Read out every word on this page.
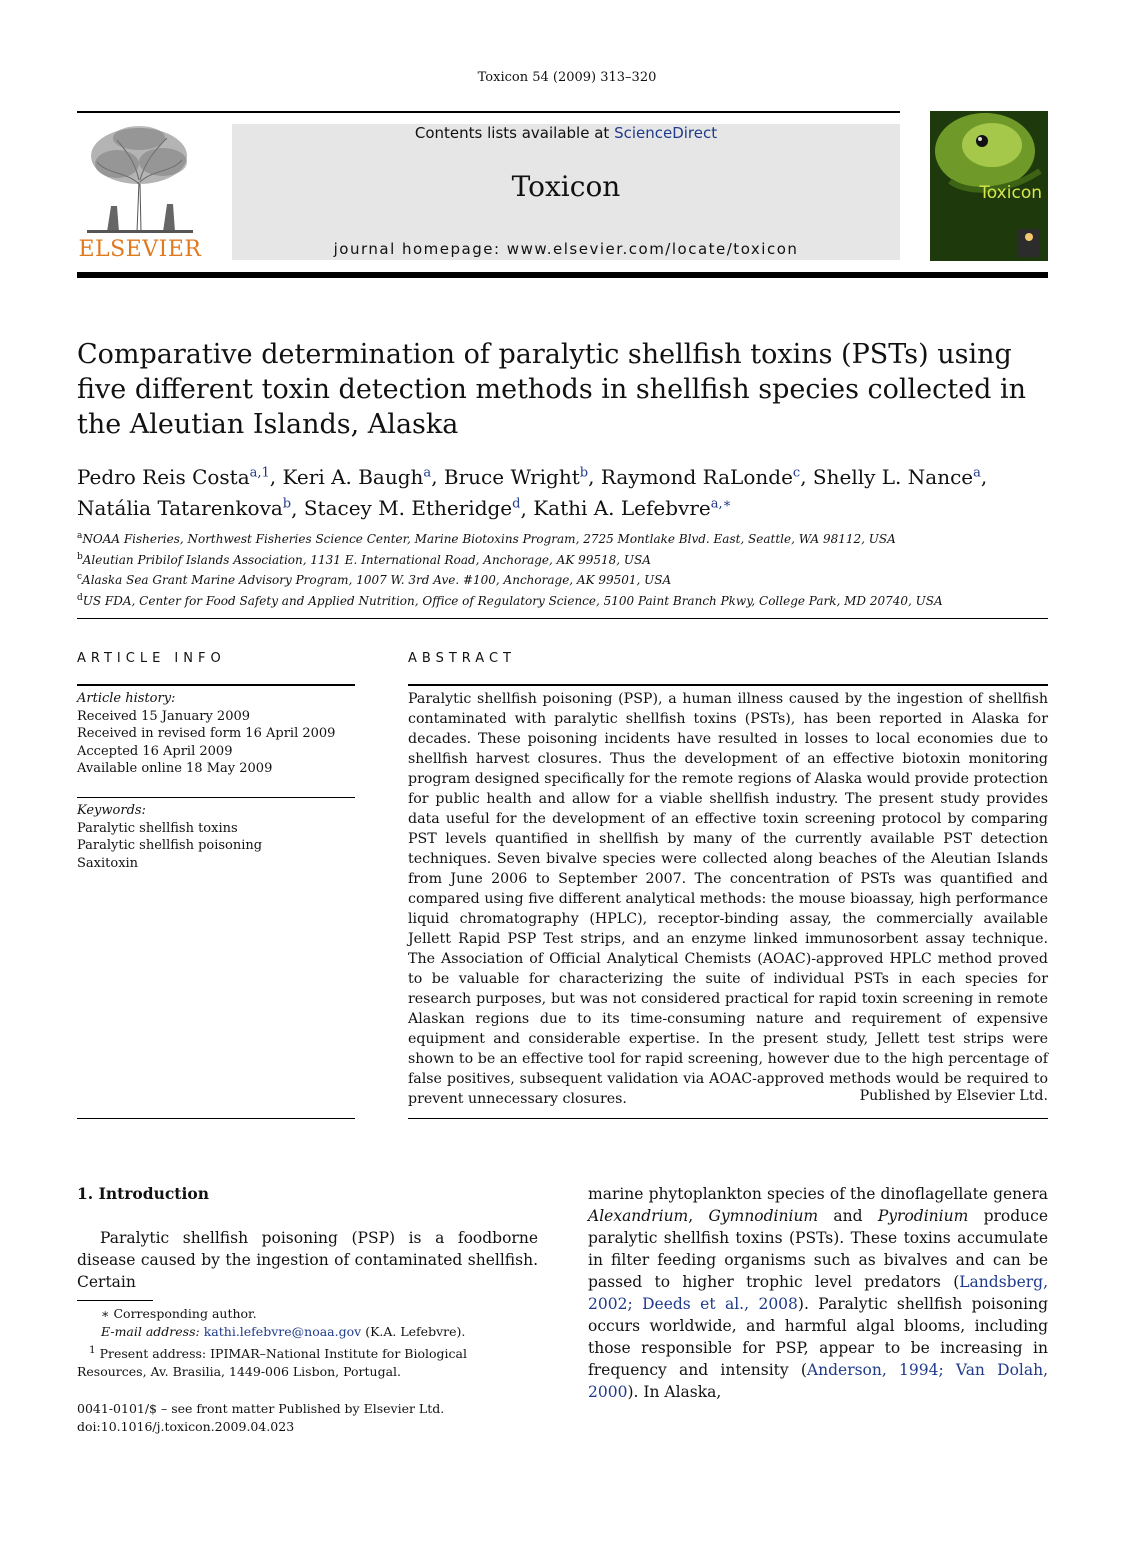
Toxicon 54 (2009) 313–320
ELSEVIER
Contents lists available at ScienceDirect
Toxicon
journal homepage: www.elsevier.com/locate/toxicon
Toxicon
Comparative determination of paralytic shellfish toxins (PSTs) using five different toxin detection methods in shellfish species collected in the Aleutian Islands, Alaska
Pedro Reis Costa$^{a,1}$, Keri A. Baugh$^a$, Bruce Wright$^b$, Raymond RaLonde$^c$, Shelly L. Nance$^a$,
Natália Tatarenkova$^b$, Stacey M. Etheridge$^d$, Kathi A. Lefebvre$^{a,∗}$
$^a$NOAA Fisheries, Northwest Fisheries Science Center, Marine Biotoxins Program, 2725 Montlake Blvd. East, Seattle, WA 98112, USA
$^b$Aleutian Pribilof Islands Association, 1131 E. International Road, Anchorage, AK 99518, USA
$^c$Alaska Sea Grant Marine Advisory Program, 1007 W. 3rd Ave. #100, Anchorage, AK 99501, USA
$^d$US FDA, Center for Food Safety and Applied Nutrition, Office of Regulatory Science, 5100 Paint Branch Pkwy, College Park, MD 20740, USA
ARTICLE INFO
Article history:
Received 15 January 2009
Received in revised form 16 April 2009
Accepted 16 April 2009
Available online 18 May 2009
Keywords:
Paralytic shellfish toxins
Paralytic shellfish poisoning
Saxitoxin
ABSTRACT
Paralytic shellfish poisoning (PSP), a human illness caused by the ingestion of shellfish contaminated with paralytic shellfish toxins (PSTs), has been reported in Alaska for decades. These poisoning incidents have resulted in losses to local economies due to shellfish harvest closures. Thus the development of an effective biotoxin monitoring program designed specifically for the remote regions of Alaska would provide protection for public health and allow for a viable shellfish industry. The present study provides data useful for the development of an effective toxin screening protocol by comparing PST levels quantified in shellfish by many of the currently available PST detection techniques. Seven bivalve species were collected along beaches of the Aleutian Islands from June 2006 to September 2007. The concentration of PSTs was quantified and compared using five different analytical methods: the mouse bioassay, high performance liquid chromatography (HPLC), receptor-binding assay, the commercially available Jellett Rapid PSP Test strips, and an enzyme linked immunosorbent assay technique. The Association of Official Analytical Chemists (AOAC)-approved HPLC method proved to be valuable for characterizing the suite of individual PSTs in each species for research purposes, but was not considered practical for rapid toxin screening in remote Alaskan regions due to its time-consuming nature and requirement of expensive equipment and considerable expertise. In the present study, Jellett test strips were shown to be an effective tool for rapid screening, however due to the high percentage of false positives, subsequent validation via AOAC-approved methods would be required to prevent unnecessary closures.	Published by Elsevier Ltd.
1. Introduction
Paralytic shellfish poisoning (PSP) is a foodborne disease caused by the ingestion of contaminated shellfish. Certain
marine phytoplankton species of the dinoflagellate genera Alexandrium, Gymnodinium and Pyrodinium produce paralytic shellfish toxins (PSTs). These toxins accumulate in filter feeding organisms such as bivalves and can be passed to higher trophic level predators (Landsberg, 2002; Deeds et al., 2008). Paralytic shellfish poisoning occurs worldwide, and harmful algal blooms, including those responsible for PSP, appear to be increasing in frequency and intensity (Anderson, 1994; Van Dolah, 2000). In Alaska,
∗ Corresponding author.
E-mail address: kathi.lefebvre@noaa.gov (K.A. Lefebvre).
$^1$ Present address: IPIMAR–National Institute for Biological Resources, Av. Brasilia, 1449-006 Lisbon, Portugal.
0041-0101/$ – see front matter Published by Elsevier Ltd.
doi:10.1016/j.toxicon.2009.04.023
